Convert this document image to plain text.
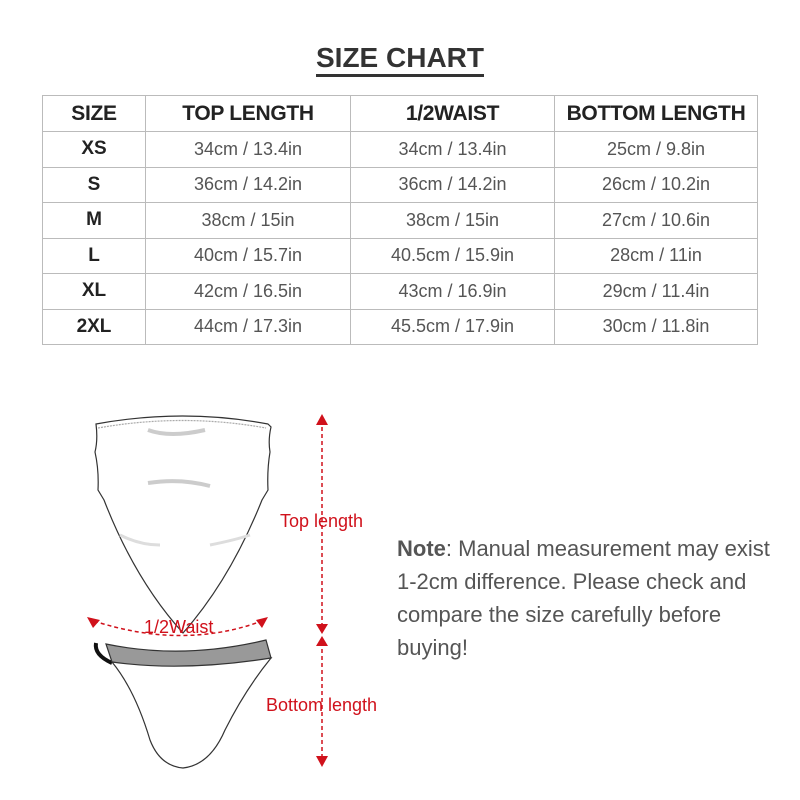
SIZE CHART
SIZE	TOP LENGTH	1/2WAIST	BOTTOM LENGTH
XS	34cm / 13.4in	34cm / 13.4in	25cm / 9.8in
S	36cm / 14.2in	36cm / 14.2in	26cm / 10.2in
M	38cm / 15in	38cm / 15in	27cm / 10.6in
L	40cm / 15.7in	40.5cm / 15.9in	28cm / 11in
XL	42cm / 16.5in	43cm / 16.9in	29cm / 11.4in
2XL	44cm / 17.3in	45.5cm / 17.9in	30cm / 11.8in
Top length
1/2Waist
Bottom length
Note: Manual measurement may exist 1-2cm difference. Please check and compare the size carefully before buying!
